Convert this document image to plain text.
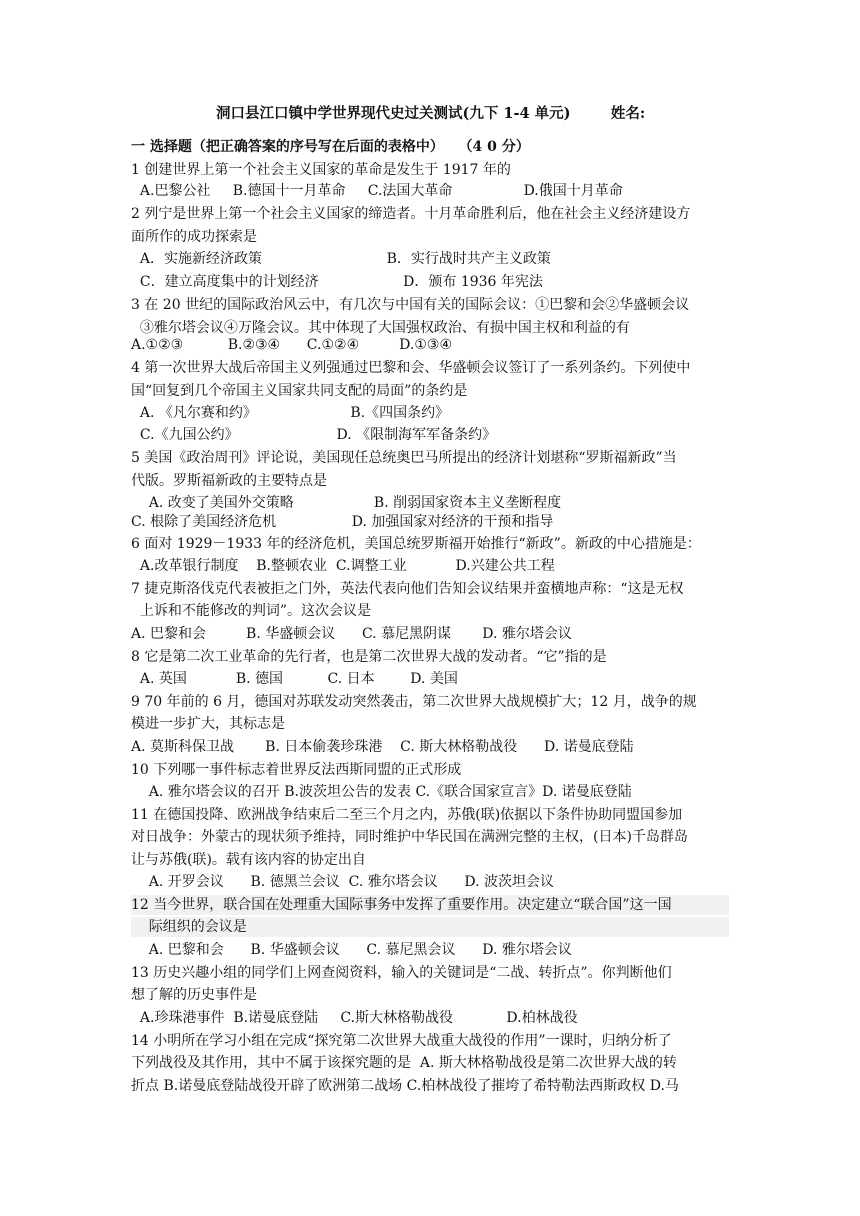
洞口县江口镇中学世界现代史过关测试(九下 1-4 单元)        姓名:
一 选择题（把正确答案的序号写在后面的表格中）   （4 0 分）
1 创建世界上第一个社会主义国家的革命是发生于 1917 年的
A.巴黎公社     B.德国十一月革命     C.法国大革命                D.俄国十月革命
2 列宁是世界上第一个社会主义国家的缔造者。十月革命胜利后，他在社会主义经济建设方
面所作的成功探索是
A．实施新经济政策                            B．实行战时共产主义政策
C．建立高度集中的计划经济                   D．颁布 1936 年宪法
3 在 20 世纪的国际政治风云中，有几次与中国有关的国际会议：①巴黎和会②华盛顿会议
③雅尔塔会议④万隆会议。其中体现了大国强权政治、有损中国主权和利益的有
A.①②③          B.②③④      C.①②④         D.①③④
4 第一次世界大战后帝国主义列强通过巴黎和会、华盛顿会议签订了一系列条约。下列使中
国“回复到几个帝国主义国家共同支配的局面”的条约是
A. 《凡尔赛和约》                     B.《四国条约》
C.《九国公约》                      D. 《限制海军军备条约》
5 美国《政治周刊》评论说，美国现任总统奥巴马所提出的经济计划堪称“罗斯福新政”当
代版。罗斯福新政的主要特点是
A. 改变了美国外交策略                  B. 削弱国家资本主义垄断程度
C. 根除了美国经济危机                 D. 加强国家对经济的干预和指导
6 面对 1929－1933 年的经济危机，美国总统罗斯福开始推行“新政”。新政的中心措施是：
A.改革银行制度    B.整顿农业  C.调整工业           D.兴建公共工程
7 捷克斯洛伐克代表被拒之门外，英法代表向他们告知会议结果并蛮横地声称：“这是无权
上诉和不能修改的判词”。这次会议是
A. 巴黎和会         B. 华盛顿会议      C. 慕尼黑阴谋       D. 雅尔塔会议
8 它是第二次工业革命的先行者，也是第二次世界大战的发动者。“它”指的是
A. 英国           B. 德国          C. 日本        D. 美国
9 70 年前的 6 月，德国对苏联发动突然袭击，第二次世界大战规模扩大；12 月，战争的规
模进一步扩大，其标志是
A. 莫斯科保卫战       B. 日本偷袭珍珠港    C. 斯大林格勒战役      D. 诺曼底登陆
10 下列哪一事件标志着世界反法西斯同盟的正式形成
A. 雅尔塔会议的召开 B.波茨坦公告的发表 C.《联合国家宣言》D. 诺曼底登陆
11 在德国投降、欧洲战争结束后二至三个月之内，苏俄(联)依据以下条件协助同盟国参加
对日战争：外蒙古的现状须予维持，同时维护中华民国在满洲完整的主权，(日本)千岛群岛
让与苏俄(联)。载有该内容的协定出自
A. 开罗会议      B. 德黑兰会议  C. 雅尔塔会议      D. 波茨坦会议
12 当今世界，联合国在处理重大国际事务中发挥了重要作用。决定建立“联合国”这一国
际组织的会议是
A. 巴黎和会      B. 华盛顿会议      C. 慕尼黑会议      D. 雅尔塔会议
13 历史兴趣小组的同学们上网查阅资料，输入的关键词是“二战、转折点”。你判断他们
想了解的历史事件是
A.珍珠港事件  B.诺曼底登陆     C.斯大林格勒战役            D.柏林战役
14 小明所在学习小组在完成“探究第二次世界大战重大战役的作用”一课时，归纳分析了
下列战役及其作用，其中不属于该探究题的是  A. 斯大林格勒战役是第二次世界大战的转
折点 B.诺曼底登陆战役开辟了欧洲第二战场 C.柏林战役了摧垮了希特勒法西斯政权 D.马
